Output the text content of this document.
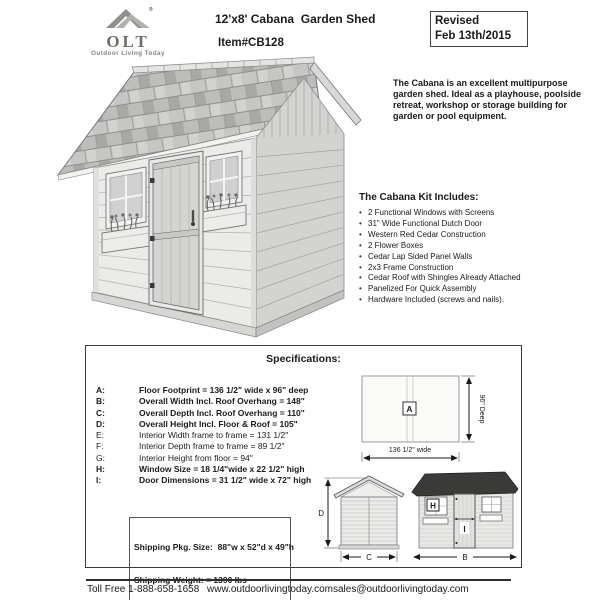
®
OLT
Outdoor Living Today
12'x8' Cabana  Garden Shed
Item#CB128
Revised
Feb 13th/2015
The Cabana is an excellent multipurpose garden shed. Ideal as a playhouse, poolside retreat, workshop or storage building for garden or pool equipment.
The Cabana Kit Includes:
• 2 Functional Windows with Screens
• 31" Wide Functional Dutch Door
• Western Red Cedar Construction
• 2 Flower Boxes
• Cedar Lap Sided Panel Walls
• 2x3 Frame Construction
• Cedar Roof with Shingles Already Attached
• Panelized For Quick Assembly
• Hardware Included (screws and nails).
Specifications:
A:	Floor Footprint = 136 1/2" wide x 96" deep
B:	Overall Width Incl. Roof Overhang = 148"
C:	Overall Depth Incl. Roof Overhang = 110"
D:	Overall Height Incl. Floor & Roof = 105"
E:	Interior Width frame to frame = 131 1/2"
F:	Interior Depth frame to frame = 89 1/2"
G:	Interior Height from floor = 94"
H:	Window Size = 18 1/4"wide x 22 1/2" high
I:	Door Dimensions = 31 1/2" wide x 72" high
A	96" Deep
136 1/2" wide

Shipping Pkg. Size:  88"w x 52"d x 49"h

D
C
I
H
B
Toll Free 1-888-658-1658 www.outdoorlivingtoday.com sales@outdoorlivingtoday.com
